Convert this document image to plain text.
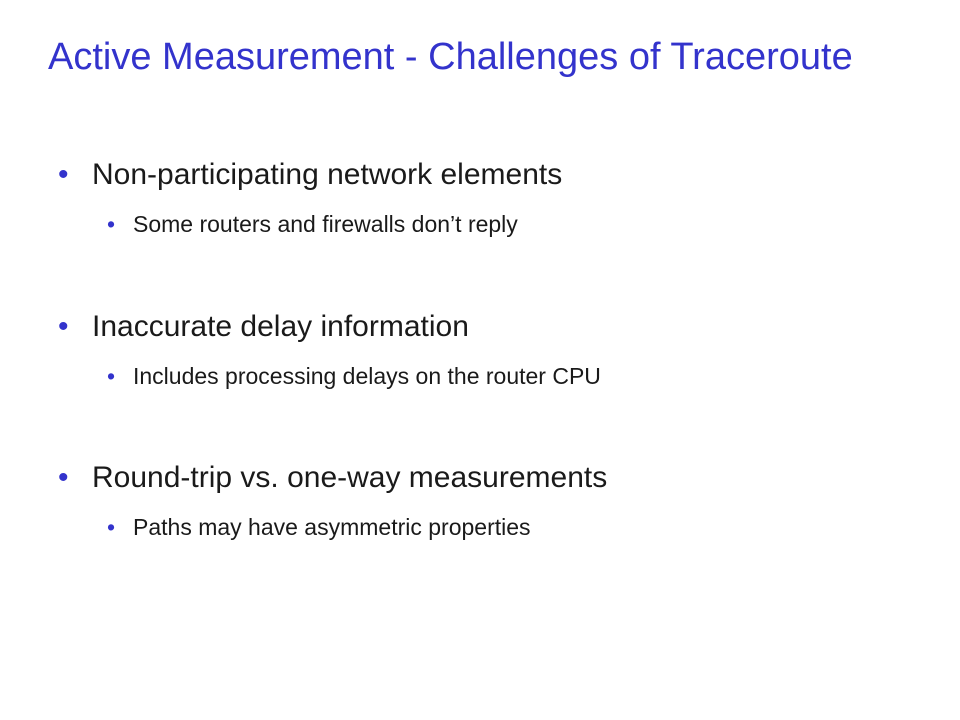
Active Measurement - Challenges of Traceroute
• Non-participating network elements
• Some routers and firewalls don’t reply
• Inaccurate delay information
• Includes processing delays on the router CPU
• Round-trip vs. one-way measurements
• Paths may have asymmetric properties
